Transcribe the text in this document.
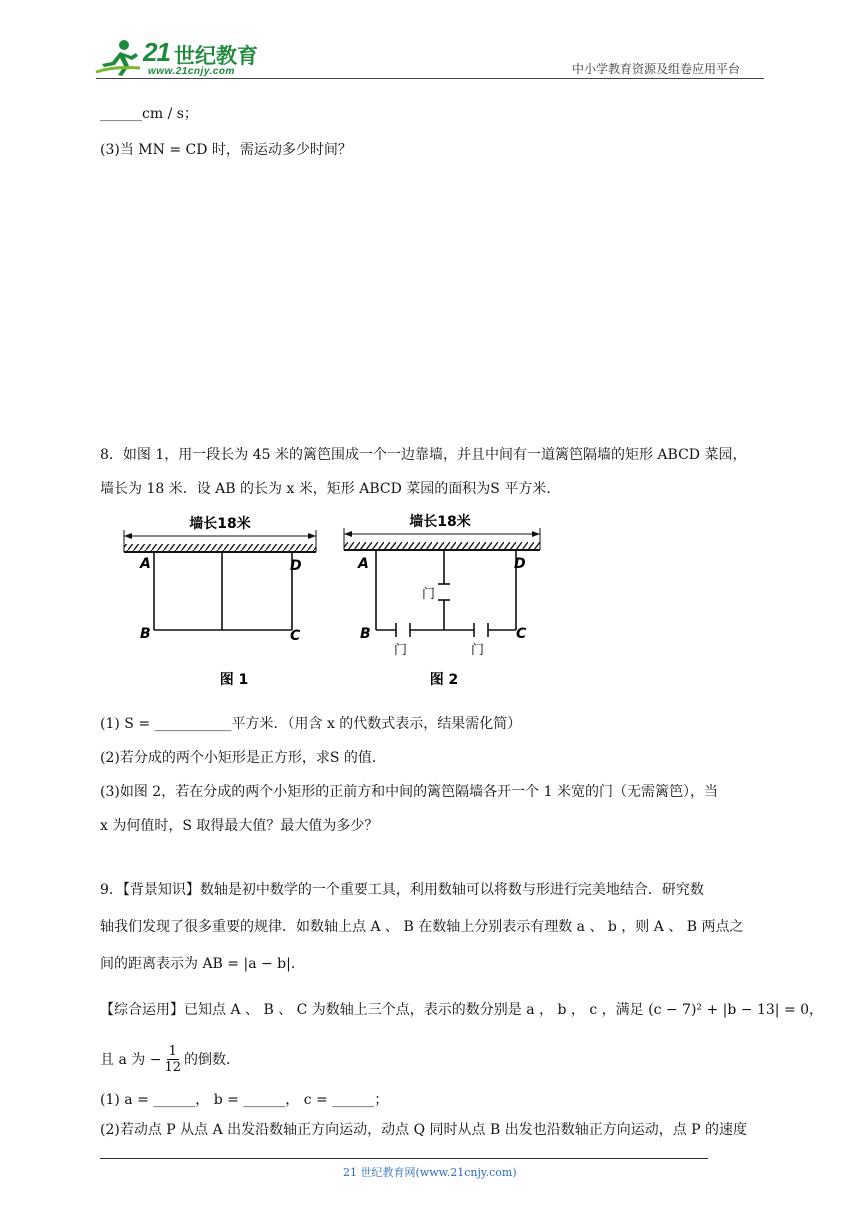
21 世纪教育
www.21cnjy.com	中小学教育资源及组卷应用平台
______cm / s；
(3)当 MN = CD 时，需运动多少时间？
8．如图 1，用一段长为 45 米的篱笆围成一个一边靠墙，并且中间有一道篱笆隔墙的矩形 ABCD 菜园，
墙长为 18 米．设 AB 的长为 x 米，矩形 ABCD 菜园的面积为S 平方米．
墙长18米
A	D
B	C
图 1
墙长18米
门
门	门
A	D
B	C
图 2
(1) S = ___________平方米．（用含 x 的代数式表示，结果需化简）
(2)若分成的两个小矩形是正方形，求S 的值．
(3)如图 2，若在分成的两个小矩形的正前方和中间的篱笆隔墙各开一个 1 米宽的门（无需篱笆），当
x 为何值时，S 取得最大值？最大值为多少？
9．【背景知识】数轴是初中数学的一个重要工具，利用数轴可以将数与形进行完美地结合．研究数
轴我们发现了很多重要的规律．如数轴上点 A 、 B 在数轴上分别表示有理数 a 、 b ，则 A 、 B 两点之
间的距离表示为 AB = |a − b|．
【综合运用】已知点 A 、 B 、 C 为数轴上三个点，表示的数分别是 a ， b ， c ，满足 (c − 7)² + |b − 13| = 0，
且 a 为 − $\frac{1}{12}$ 的倒数．
(1) a = ______， b = ______， c = ______；
(2)若动点 P 从点 A 出发沿数轴正方向运动，动点 Q 同时从点 B 出发也沿数轴正方向运动，点 P 的速度
21 世纪教育网(www.21cnjy.com)
